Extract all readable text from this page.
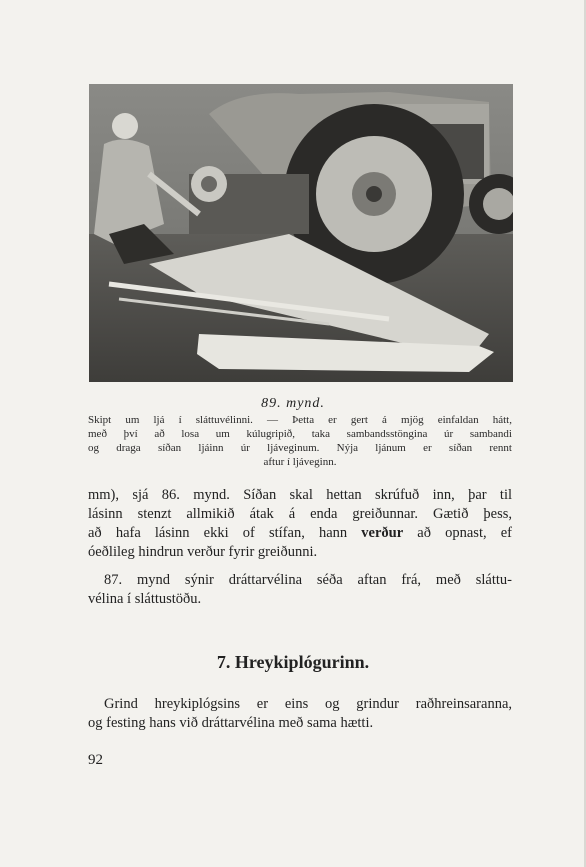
89. mynd.
Skipt um ljá í sláttuvélinni. — Þetta er gert á mjög einfaldan hátt,
með því að losa um kúlugripið, taka sambandsstöngina úr sambandi
og draga síðan ljáinn úr ljáveginum. Nýja ljánum er síðan rennt
aftur í ljáveginn.
mm), sjá 86. mynd. Síðan skal hettan skrúfuð inn, þar til
lásinn stenzt allmikið átak á enda greiðunnar. Gætið þess,
að hafa lásinn ekki of stífan, hann verður að opnast, ef
óeðlileg hindrun verður fyrir greiðunni.
87. mynd sýnir dráttarvélina séða aftan frá, með sláttu-
vélina í sláttustöðu.
7. Hreykiplógurinn.
Grind hreykiplógsins er eins og grindur raðhreinsaranna,
og festing hans við dráttarvélina með sama hætti.
92
